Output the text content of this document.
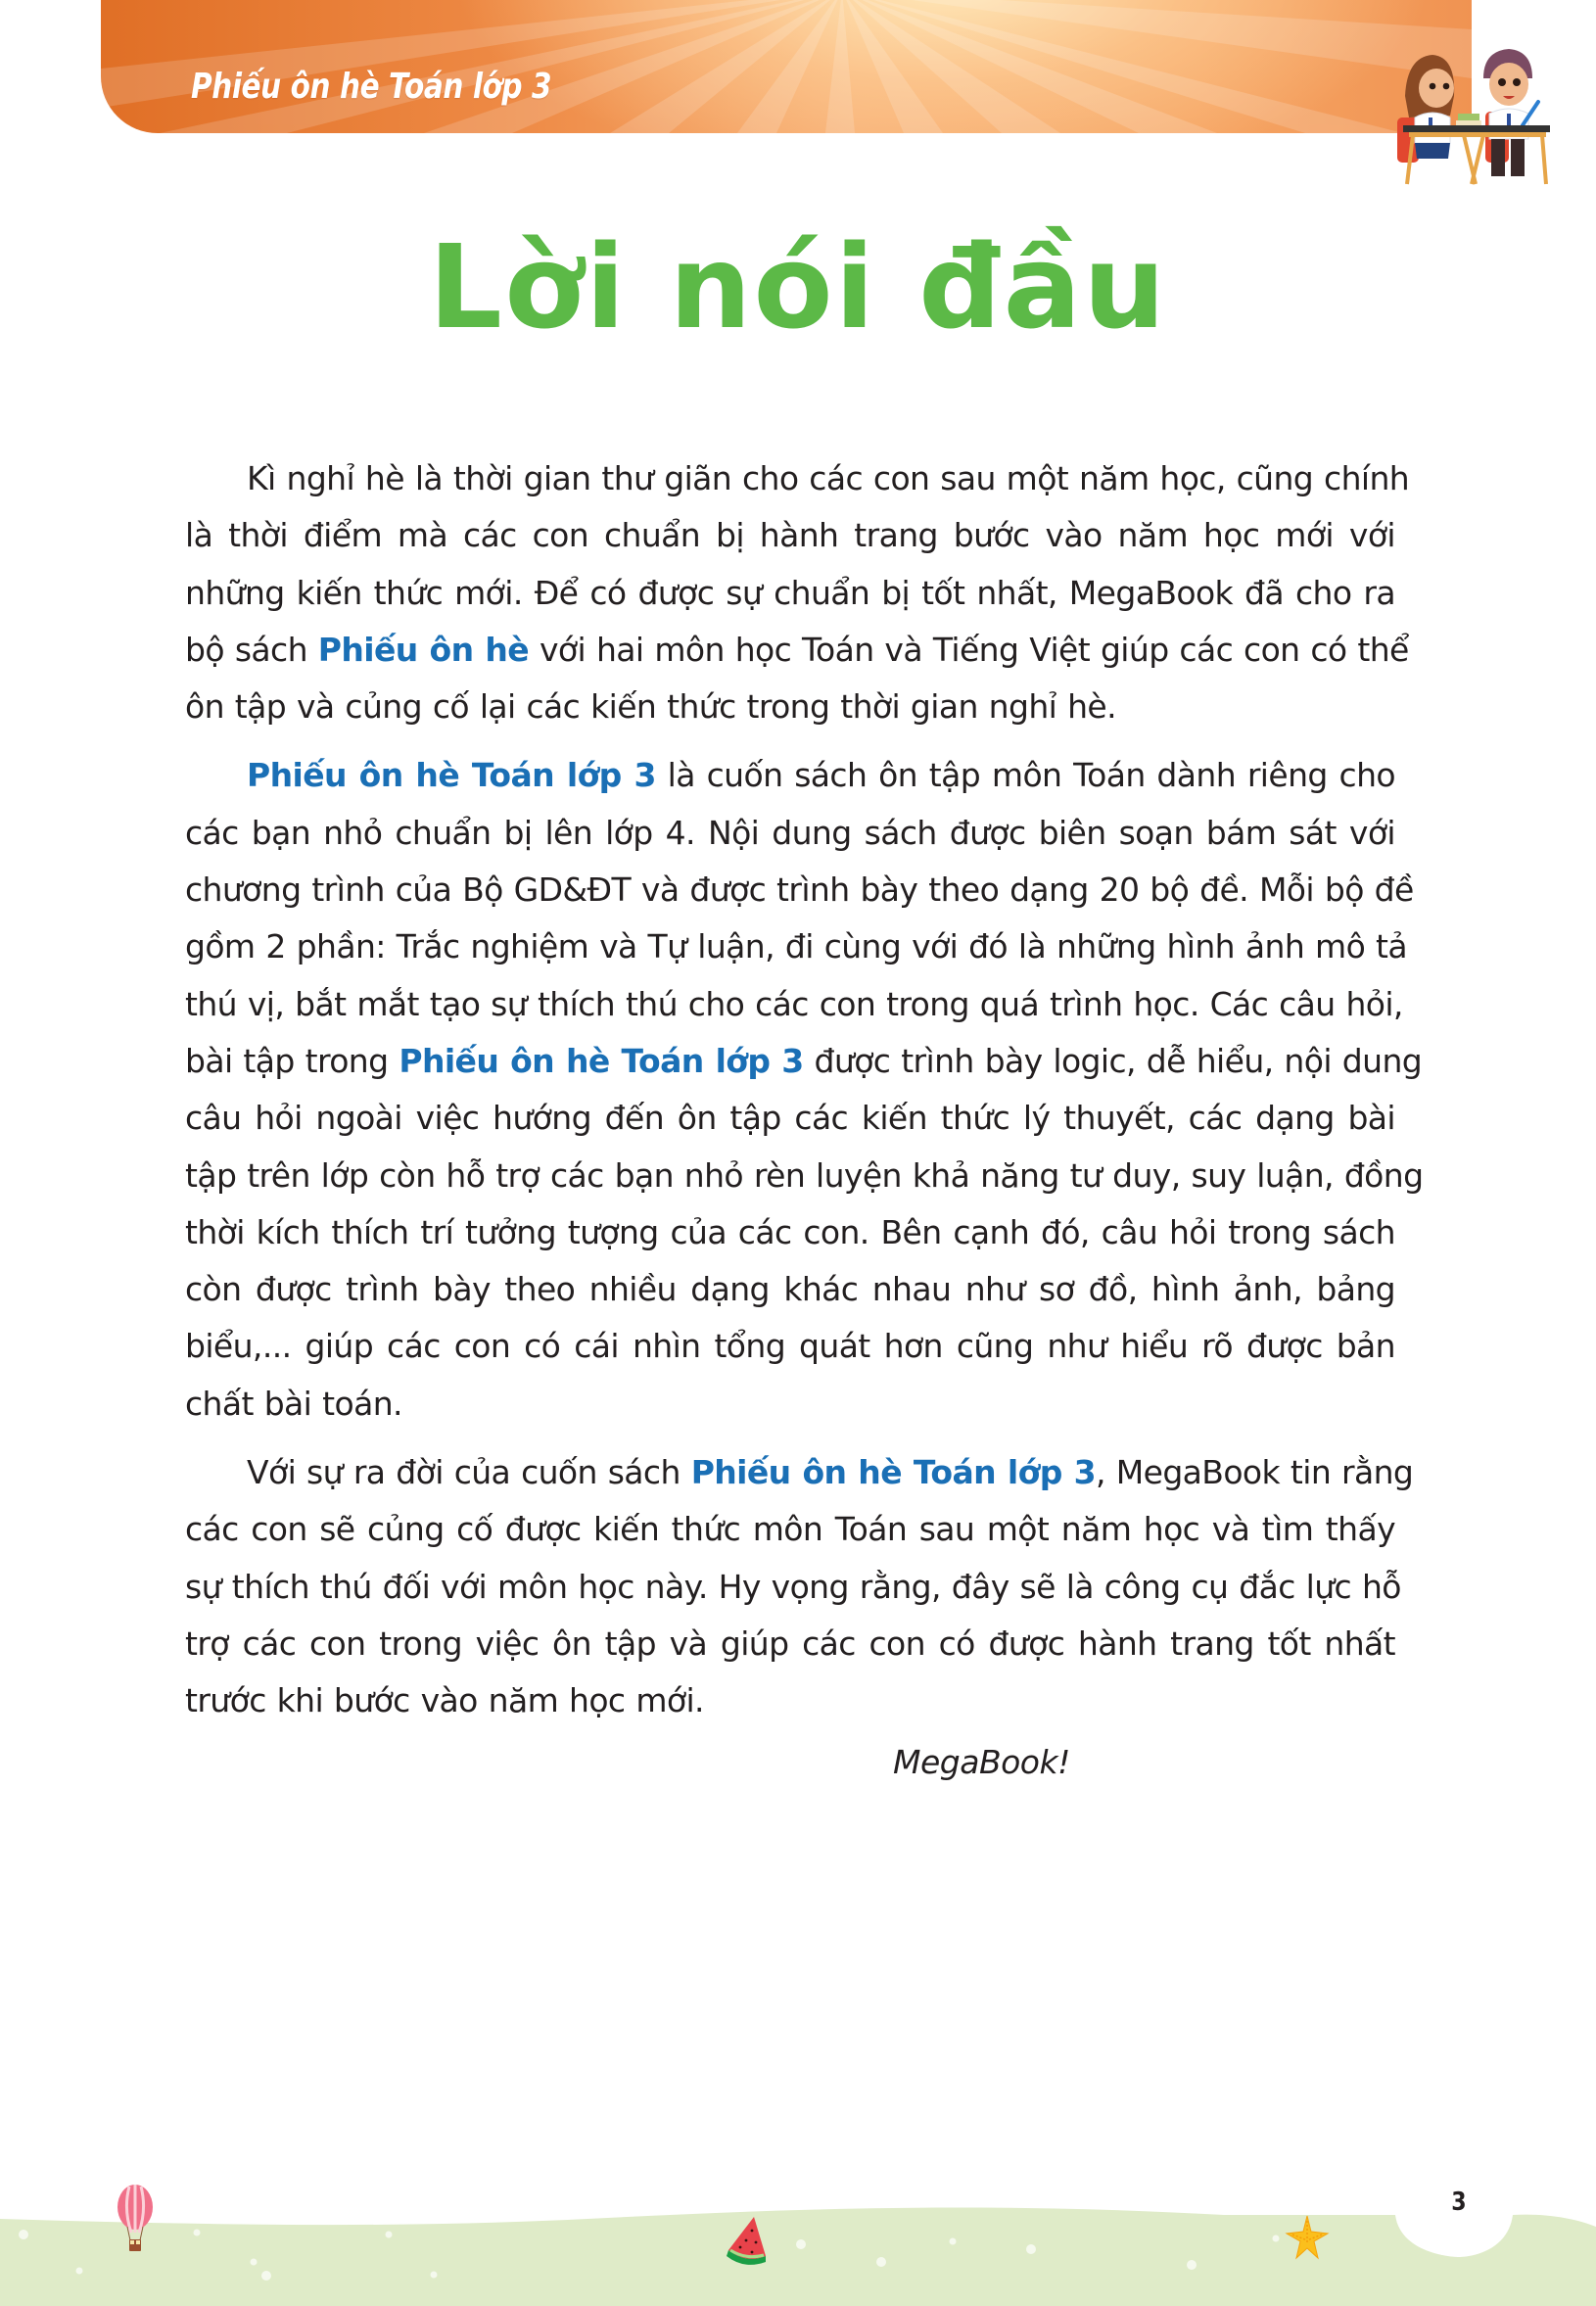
Phiếu ôn hè Toán lớp 3
Lời nói đầu
Kì nghỉ hè là thời gian thư giãn cho các con sau một năm học, cũng chính
là thời điểm mà các con chuẩn bị hành trang bước vào năm học mới với
những kiến thức mới. Để có được sự chuẩn bị tốt nhất, MegaBook đã cho ra
bộ sách Phiếu ôn hè với hai môn học Toán và Tiếng Việt giúp các con có thể
ôn tập và củng cố lại các kiến thức trong thời gian nghỉ hè.
Phiếu ôn hè Toán lớp 3 là cuốn sách ôn tập môn Toán dành riêng cho
các bạn nhỏ chuẩn bị lên lớp 4. Nội dung sách được biên soạn bám sát với
chương trình của Bộ GD&ĐT và được trình bày theo dạng 20 bộ đề. Mỗi bộ đề
gồm 2 phần: Trắc nghiệm và Tự luận, đi cùng với đó là những hình ảnh mô tả
thú vị, bắt mắt tạo sự thích thú cho các con trong quá trình học. Các câu hỏi,
bài tập trong Phiếu ôn hè Toán lớp 3 được trình bày logic, dễ hiểu, nội dung
câu hỏi ngoài việc hướng đến ôn tập các kiến thức lý thuyết, các dạng bài
tập trên lớp còn hỗ trợ các bạn nhỏ rèn luyện khả năng tư duy, suy luận, đồng
thời kích thích trí tưởng tượng của các con. Bên cạnh đó, câu hỏi trong sách
còn được trình bày theo nhiều dạng khác nhau như sơ đồ, hình ảnh, bảng
biểu,... giúp các con có cái nhìn tổng quát hơn cũng như hiểu rõ được bản
chất bài toán.
Với sự ra đời của cuốn sách Phiếu ôn hè Toán lớp 3, MegaBook tin rằng
các con sẽ củng cố được kiến thức môn Toán sau một năm học và tìm thấy
sự thích thú đối với môn học này. Hy vọng rằng, đây sẽ là công cụ đắc lực hỗ
trợ các con trong việc ôn tập và giúp các con có được hành trang tốt nhất
trước khi bước vào năm học mới.
MegaBook!
3
